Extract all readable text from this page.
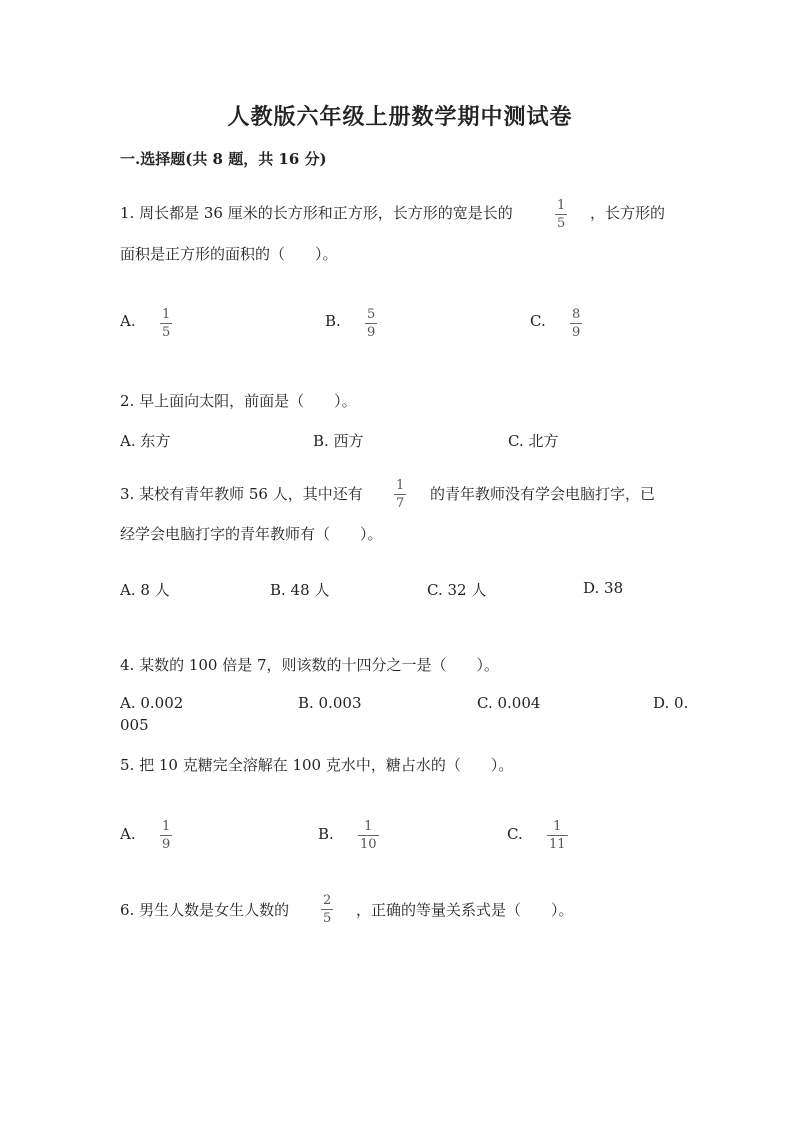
人教版六年级上册数学期中测试卷
一.选择题(共 8 题，共 16 分)
1. 周长都是 36 厘米的长方形和正方形，长方形的宽是长的	1
5
，长方形的
面积是正方形的面积的（　　）。
A. 1
5
B. 5
9
C. 8
9
2. 早上面向太阳，前面是（　　）。
A. 东方	B. 西方	C. 北方
3. 某校有青年教师 56 人，其中还有	1
7
的青年教师没有学会电脑打字，已
经学会电脑打字的青年教师有（　　）。
A. 8 人	B. 48 人	C. 32 人	D. 38
4. 某数的 100 倍是 7，则该数的十四分之一是（　　）。
A. 0.002	B. 0.003	C. 0.004	D. 0.
005
5. 把 10 克糖完全溶解在 100 克水中，糖占水的（　　）。
A. 1
9
B. 1
10
C. 1
11
6. 男生人数是女生人数的
2
5 ，正确的等量关系式是（　　）。
